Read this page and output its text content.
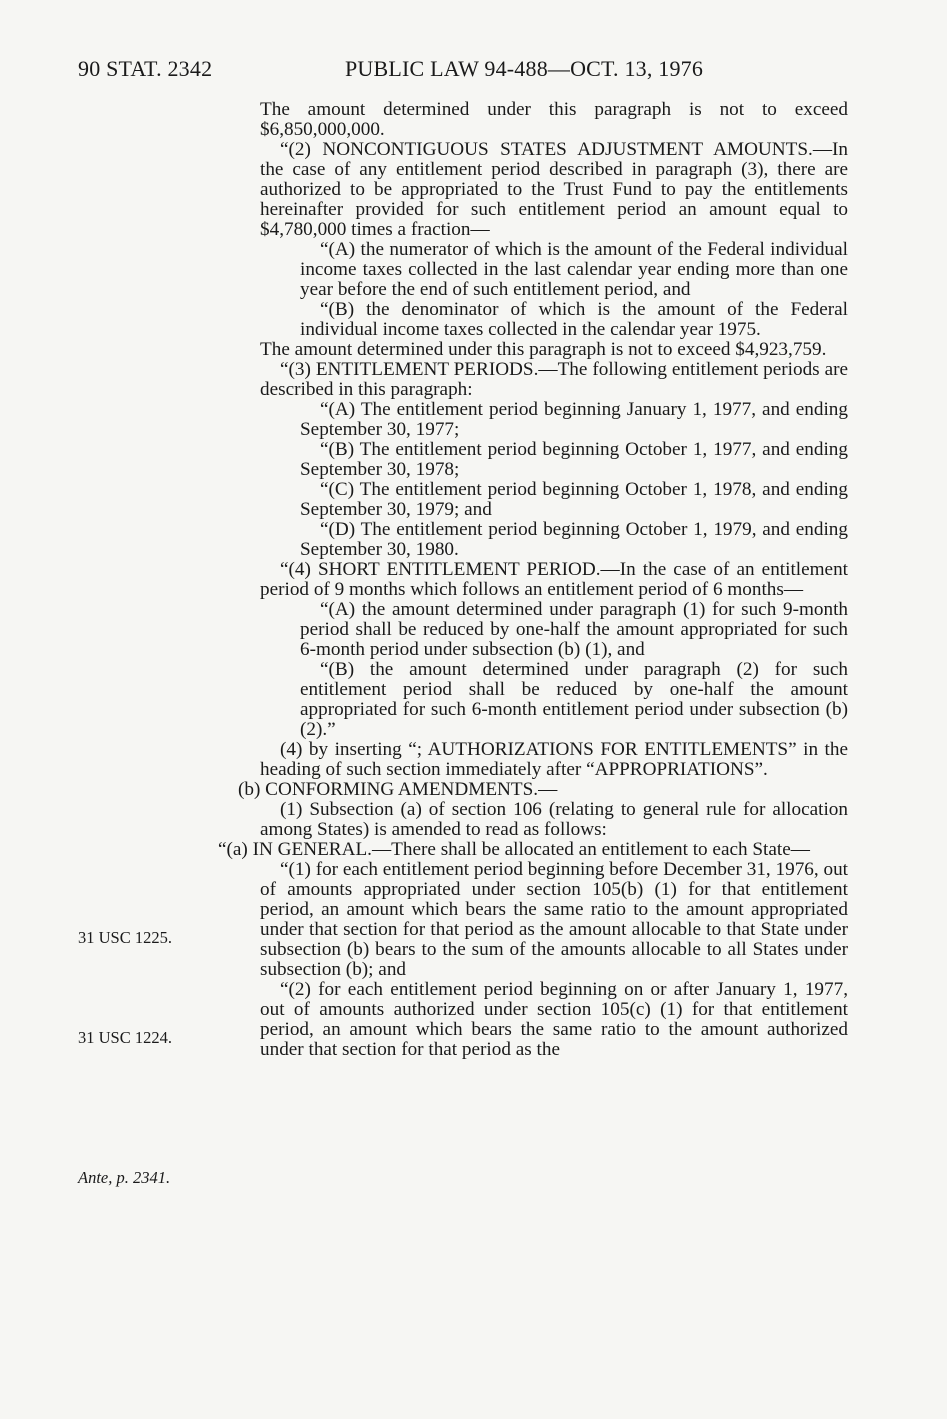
90 STAT. 2342	PUBLIC LAW 94-488—OCT. 13, 1976
31 USC 1225.
31 USC 1224.
Ante, p. 2341.

The amount determined under this paragraph is not to exceed $6,850,000,000.

“(2) NONCONTIGUOUS STATES ADJUSTMENT AMOUNTS.—In the case of any entitlement period described in paragraph (3), there are authorized to be appropriated to the Trust Fund to pay the entitlements hereinafter provided for such entitlement period an amount equal to $4,780,000 times a fraction—

“(A) the numerator of which is the amount of the Federal individual income taxes collected in the last calendar year ending more than one year before the end of such entitlement period, and

“(B) the denominator of which is the amount of the Federal individual income taxes collected in the calendar year 1975.

The amount determined under this paragraph is not to exceed $4,923,759.

“(3) ENTITLEMENT PERIODS.—The following entitlement periods are described in this paragraph:

“(A) The entitlement period beginning January 1, 1977, and ending September 30, 1977;

“(B) The entitlement period beginning October 1, 1977, and ending September 30, 1978;

“(C) The entitlement period beginning October 1, 1978, and ending September 30, 1979; and

“(D) The entitlement period beginning October 1, 1979, and ending September 30, 1980.

“(4) SHORT ENTITLEMENT PERIOD.—In the case of an entitlement period of 9 months which follows an entitlement period of 6 months—

“(A) the amount determined under paragraph (1) for such 9-month period shall be reduced by one-half the amount appropriated for such 6-month period under subsection (b) (1), and

“(B) the amount determined under paragraph (2) for such entitlement period shall be reduced by one-half the amount appropriated for such 6-month entitlement period under subsection (b) (2).”

(4) by inserting “; AUTHORIZATIONS FOR ENTITLEMENTS” in the heading of such section immediately after “APPROPRIATIONS”.

(b) CONFORMING AMENDMENTS.—

(1) Subsection (a) of section 106 (relating to general rule for allocation among States) is amended to read as follows:

“(a) IN GENERAL.—There shall be allocated an entitlement to each State—

“(1) for each entitlement period beginning before December 31, 1976, out of amounts appropriated under section 105(b) (1) for that entitlement period, an amount which bears the same ratio to the amount appropriated under that section for that period as the amount allocable to that State under subsection (b) bears to the sum of the amounts allocable to all States under subsection (b); and

“(2) for each entitlement period beginning on or after January 1, 1977, out of amounts authorized under section 105(c) (1) for that entitlement period, an amount which bears the same ratio to the amount authorized under that section for that period as the
